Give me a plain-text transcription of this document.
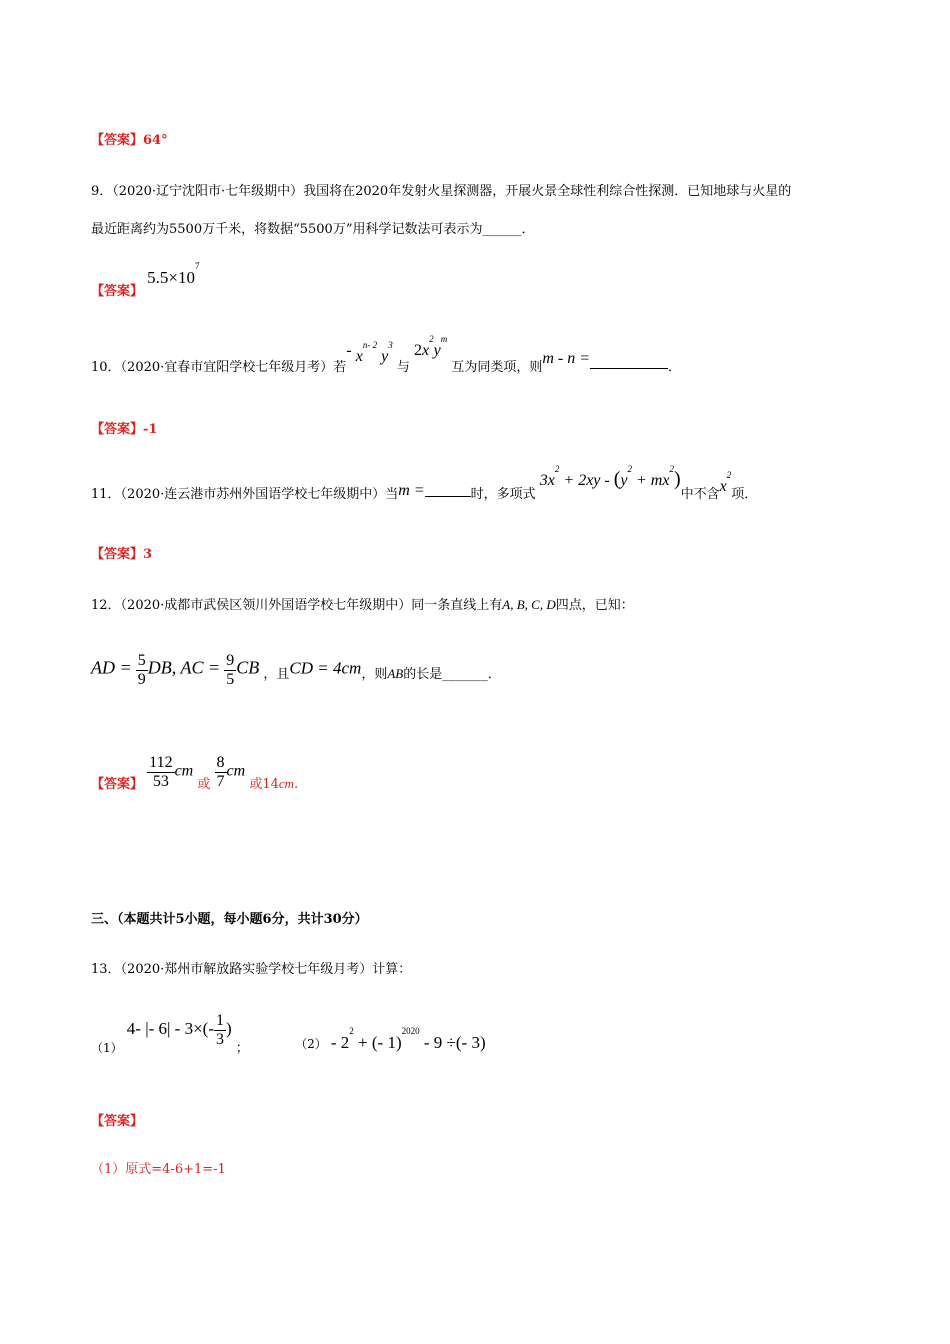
【答案】64°
9．（2020·辽宁沈阳市·七年级期中）我国将在2020年发射火星探测器，开展火景全球性利综合性探测．已知地球与火星的
最近距离约为5500万千米，将数据“5500万”用科学记数法可表示为______．
【答案】 $5.5\times 10^7$
10．（2020·宜春市宜阳学校七年级月考）若- $x^{n- 2}$ $y^3$ 与 $2x^2y^m$ 互为同类项，则m - n =．
【答案】-1
11．（2020·连云港市苏州外国语学校七年级期中）当m =	时，多项式 $3x^2 + 2xy - (y^2 + mx^2)$中不含$x^2$项．
【答案】3
12．（2020·成都市武侯区领川外国语学校七年级期中）同一条直线上有A, B, C, D四点，已知：
AD = $\frac{5}{9}$ DB, AC = $\frac{9}{5}$ CB ，且CD = 4cm，则AB的长是_______．
【答案】 $\frac{112}{53}$ cm 或 $\frac{8}{7}$ cm 或14cm.
三、（本题共计5小题，每小题6分，共计30分）
13．（2020·郑州市解放路实验学校七年级月考）计算：
（1） 4- |- $6| - 3\times(- \frac{1}{3}$ ) ；	$(2) - 2^2$ + (- 1)$^{2020}$ - 9 ÷(- 3)
【答案】
（1）原式=4-6+1=-1
